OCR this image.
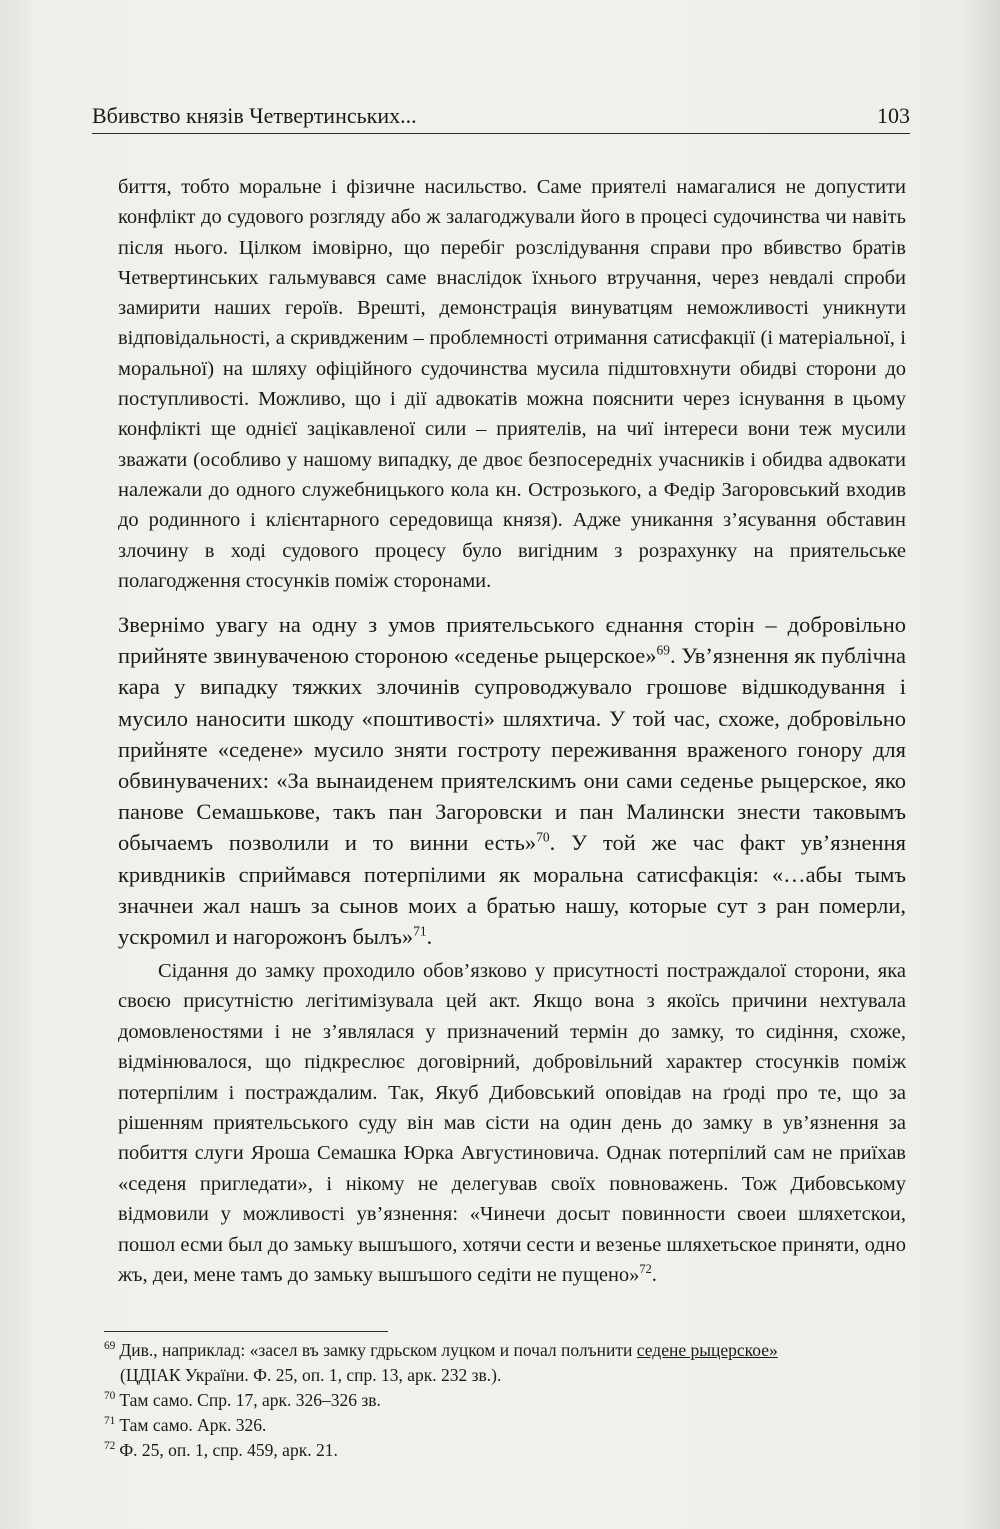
Вбивство князів Четвертинських...	103

биття, тобто моральне і фізичне насильство. Саме приятелі намагалися не допустити конфлікт до судового розгляду або ж залагоджували його в процесі судочинства чи навіть після нього. Цілком імовірно, що перебіг розслідування справи про вбивство братів Четвертинських гальмувався саме внаслідок їхнього втручання, через невдалі спроби замирити наших героїв. Врешті, демонстрація винуватцям неможливості уникнути відповідальності, а скривдженим – проблемності отримання сатисфакції (і матеріальної, і моральної) на шляху офіційного судочинства мусила підштовхнути обидві сторони до поступливості. Можливо, що і дії адвокатів можна пояснити через існування в цьому конфлікті ще однієї зацікавленої сили – приятелів, на чиї інтереси вони теж мусили зважати (особливо у нашому випадку, де двоє безпосередніх учасників і обидва адвокати належали до одного служебницького кола кн. Острозького, а Федір Загоровський входив до родинного і клієнтарного середовища князя). Адже уникання з’ясування обставин злочину в ході судового процесу було вигідним з розрахунку на приятельське полагодження стосунків поміж сторонами.

Звернімо увагу на одну з умов приятельського єднання сторін – добровільно прийняте звинуваченою стороною «седенье рыцерское»$^{69}$. Ув’язнення як публічна кара у випадку тяжких злочинів супроводжувало грошове відшкодування і мусило наносити шкоду «поштивості» шляхтича. У той час, схоже, добровільно прийняте «седене» мусило зняти гостроту переживання враженого гонору для обвинувачених: «За вынаиденем приятелскимъ они сами седенье рыцерское, яко панове Семашькове, такъ пан Загоровски и пан Малински знести таковымъ обычаемъ позволили и то винни есть»$^{70}$. У той же час факт ув’язнення кривдників сприймався потерпілими як моральна сатисфакція: «…абы тымъ значнеи жал нашъ за сынов моих а братью нашу, которые сут з ран померли, ускромил и нагорожонъ былъ»$^{71}$.

Сідання до замку проходило обов’язково у присутності постраждалої сторони, яка своєю присутністю легітимізувала цей акт. Якщо вона з якоїсь причини нехтувала домовленостями і не з’являлася у призначений термін до замку, то сидіння, схоже, відмінювалося, що підкреслює договірний, добровільний характер стосунків поміж потерпілим і постраждалим. Так, Якуб Дибовський оповідав на ґроді про те, що за рішенням приятельського суду він мав сісти на один день до замку в ув’язнення за побиття слуги Яроша Семашка Юрка Августиновича. Однак потерпілий сам не приїхав «седеня пригледати», і нікому не делегував своїх повноважень. Тож Дибовському відмовили у можливості ув’язнення: «Чинечи досыт повинности своеи шляхетскои, пошол есми был до замьку вышъшого, хотячи сести и везенье шляхетьское приняти, одно жъ, деи, мене тамъ до замьку вышъшого седiти не пущено»$^{72}$.

$^{69}$ Див., наприклад: «засел въ замку гдрьском луцком и почал полънити седене рыцерское»
(ЦДІАК України. Ф. 25, оп. 1, спр. 13, арк. 232 зв.).

$^{70}$ Там само. Спр. 17, арк. 326–326 зв.

$^{71}$ Там само. Арк. 326.

$^{72}$ Ф. 25, оп. 1, спр. 459, арк. 21.
